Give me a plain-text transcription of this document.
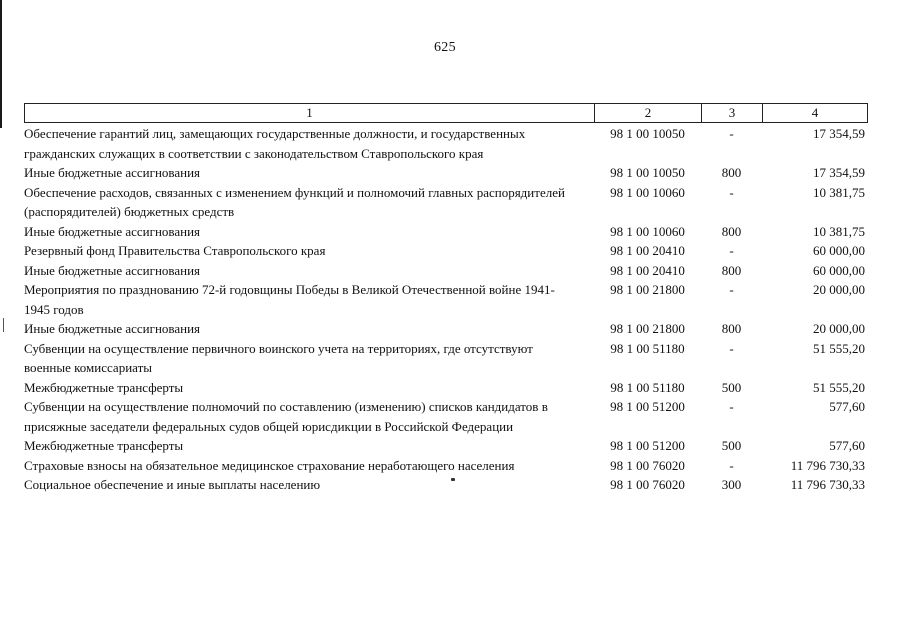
625
1	2	3	4
Обеспечение гарантий лиц, замещающих государственные должности, и государственных гражданских служащих в соответствии с законодательством Ставропольского края	98 1 00 10050	-	17 354,59
Иные бюджетные ассигнования	98 1 00 10050	800	17 354,59
Обеспечение расходов, связанных с изменением функций и полномочий главных распорядителей (распорядителей) бюджетных средств	98 1 00 10060	-	10 381,75
Иные бюджетные ассигнования	98 1 00 10060	800	10 381,75
Резервный фонд Правительства Ставропольского края	98 1 00 20410	-	60 000,00
Иные бюджетные ассигнования	98 1 00 20410	800	60 000,00
Мероприятия по празднованию 72-й годовщины Победы в Великой Отечественной войне 1941-1945 годов	98 1 00 21800	-	20 000,00
Иные бюджетные ассигнования	98 1 00 21800	800	20 000,00
Субвенции на осуществление первичного воинского учета на территориях, где отсутствуют военные комиссариаты	98 1 00 51180	-	51 555,20
Межбюджетные трансферты	98 1 00 51180	500	51 555,20
Субвенции на осуществление полномочий по составлению (изменению) списков кандидатов в присяжные заседатели федеральных судов общей юрисдикции в Российской Федерации	98 1 00 51200	-	577,60
Межбюджетные трансферты	98 1 00 51200	500	577,60
Страховые взносы на обязательное медицинское страхование неработающего населения	98 1 00 76020	-	11 796 730,33
Социальное обеспечение и иные выплаты населению	98 1 00 76020	300	11 796 730,33
